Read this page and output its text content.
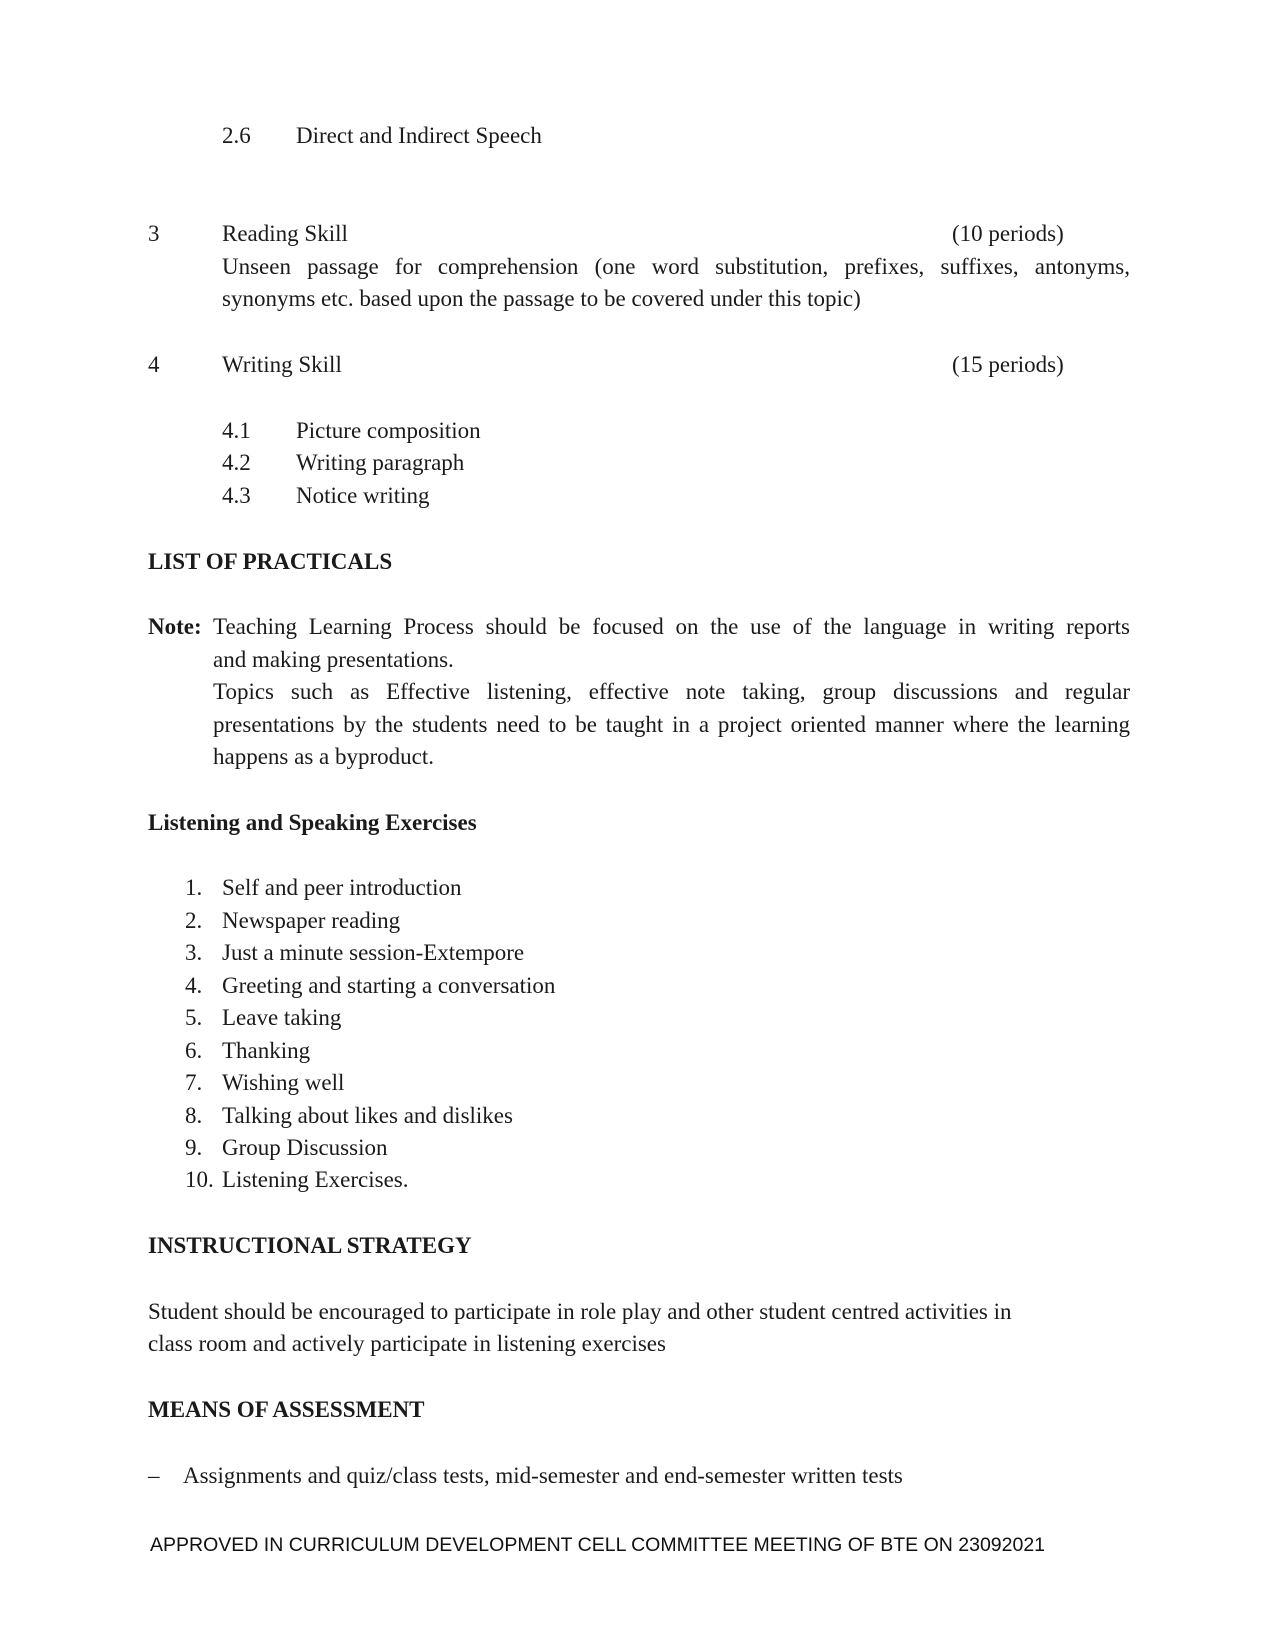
2.6 Direct and Indirect Speech
3	Reading Skill	(10 periods)
Unseen passage for comprehension (one word substitution, prefixes, suffixes, antonyms,
synonyms etc. based upon the passage to be covered under this topic)
4	Writing Skill	(15 periods)
4.1 Picture composition
4.2 Writing paragraph
4.3 Notice writing
LIST OF PRACTICALS
Note: Teaching Learning Process should be focused on the use of the language in writing reports
and making presentations.
Topics such as Effective listening, effective note taking, group discussions and regular
presentations by the students need to be taught in a project oriented manner where the learning
happens as a byproduct.
Listening and Speaking Exercises
1. Self and peer introduction
2. Newspaper reading
3. Just a minute session-Extempore
4. Greeting and starting a conversation
5. Leave taking
6. Thanking
7. Wishing well
8. Talking about likes and dislikes
9. Group Discussion
10. Listening Exercises.
INSTRUCTIONAL STRATEGY
Student should be encouraged to participate in role play and other student centred activities in
class room and actively participate in listening exercises
MEANS OF ASSESSMENT
– Assignments and quiz/class tests, mid-semester and end-semester written tests
APPROVED IN CURRICULUM DEVELOPMENT CELL COMMITTEE MEETING OF BTE ON 23092021
